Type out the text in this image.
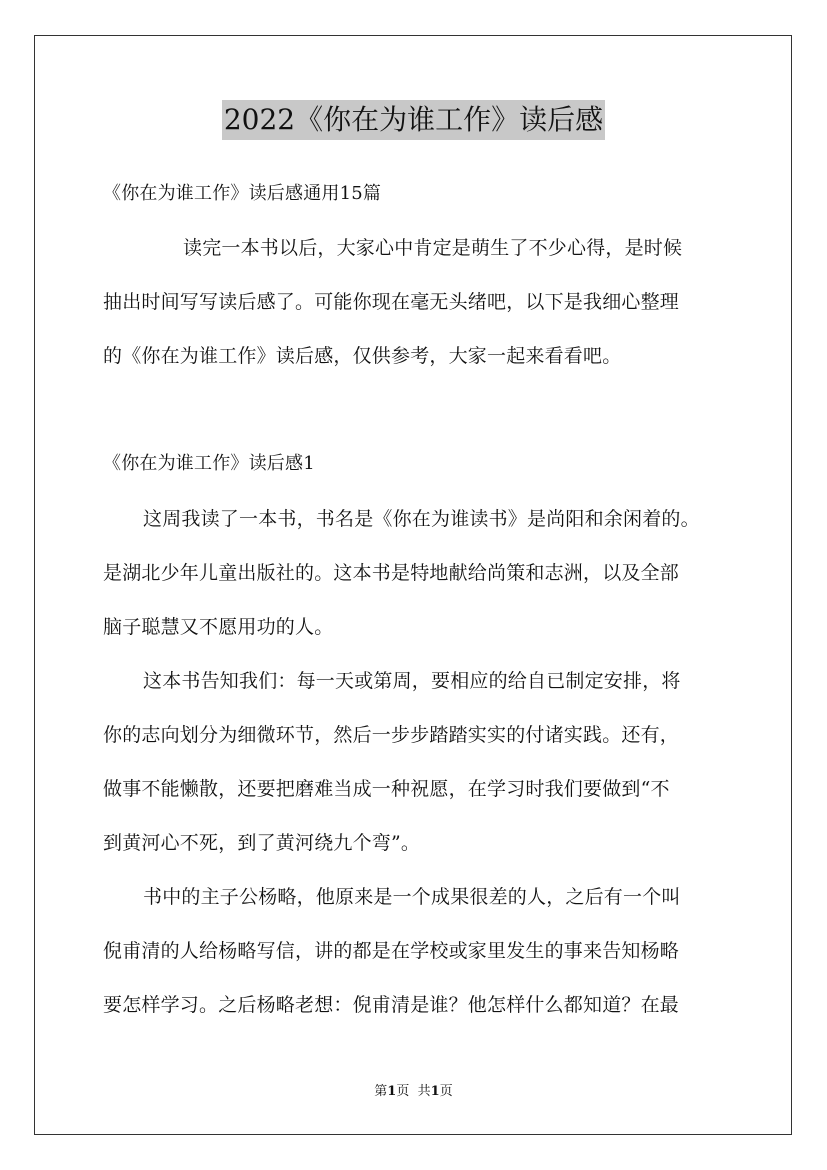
2022《你在为谁工作》读后感
《你在为谁工作》读后感通用15篇
读完一本书以后，大家心中肯定是萌生了不少心得，是时候
抽出时间写写读后感了。可能你现在毫无头绪吧，以下是我细心整理
的《你在为谁工作》读后感，仅供参考，大家一起来看看吧。
《你在为谁工作》读后感1
这周我读了一本书，书名是《你在为谁读书》是尚阳和余闲着的。
是湖北少年儿童出版社的。这本书是特地献给尚策和志洲，以及全部
脑子聪慧又不愿用功的人。
这本书告知我们：每一天或第周，要相应的给自已制定安排，将
你的志向划分为细微环节，然后一步步踏踏实实的付诸实践。还有，
做事不能懒散，还要把磨难当成一种祝愿，在学习时我们要做到“不
到黄河心不死，到了黄河绕九个弯”。
书中的主子公杨略，他原来是一个成果很差的人，之后有一个叫
倪甫清的人给杨略写信，讲的都是在学校或家里发生的事来告知杨略
要怎样学习。之后杨略老想：倪甫清是谁？他怎样什么都知道？在最
第1页 共1页
